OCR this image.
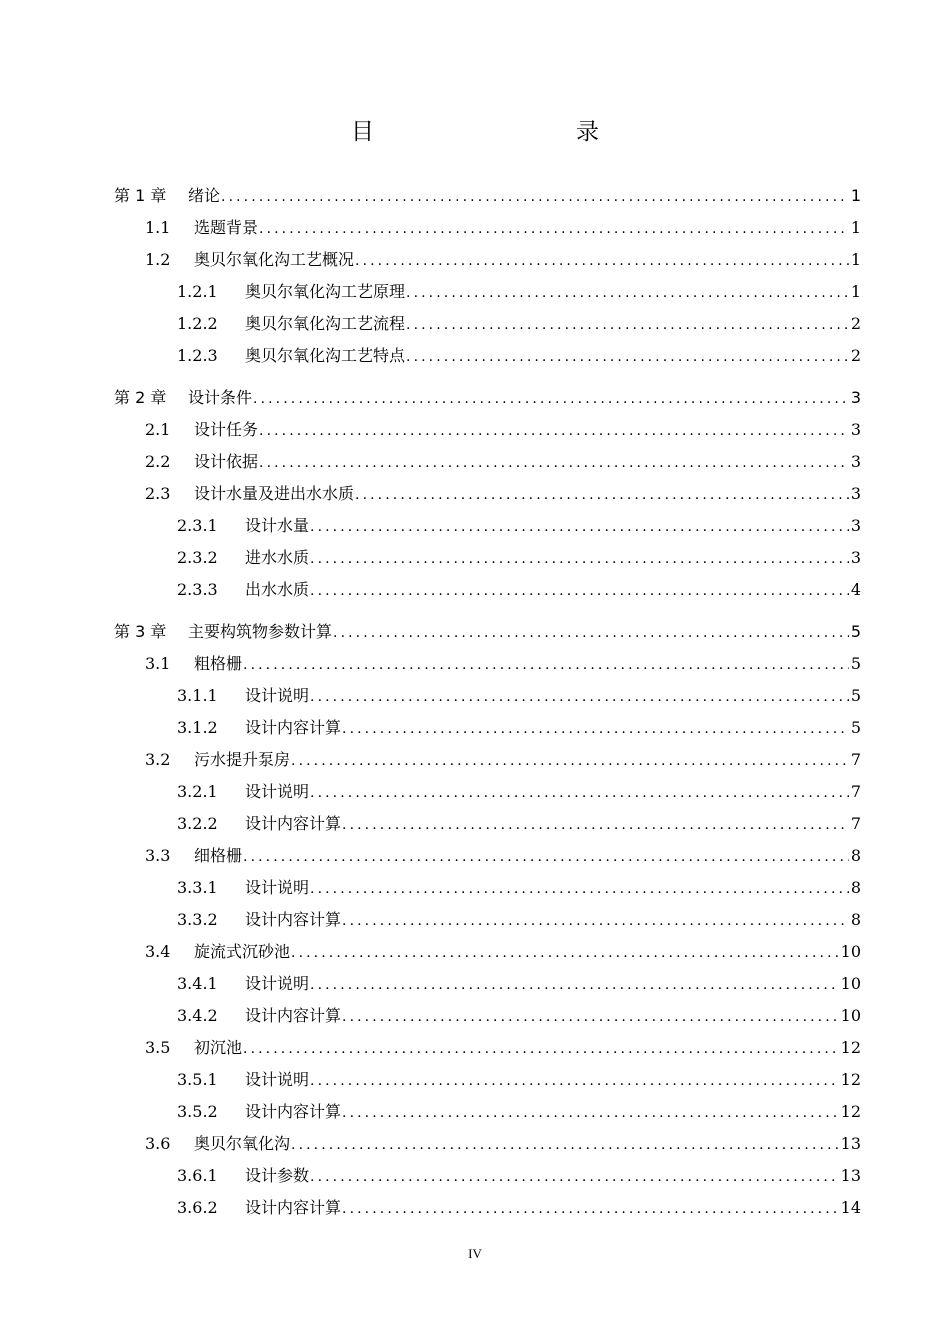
目　　录
第 1 章	绪论 .....	1
1.1	选题背景 .....	1
1.2	奥贝尔氧化沟工艺概况 .....	1
1.2.1	奥贝尔氧化沟工艺原理 .....	1
1.2.2	奥贝尔氧化沟工艺流程 .....	2
1.2.3	奥贝尔氧化沟工艺特点 .....	2
第 2 章	设计条件 .....	3
2.1	设计任务 .....	3
2.2	设计依据 .....	3
2.3	设计水量及进出水水质 .....	3
2.3.1	设计水量 .....	3
2.3.2	进水水质 .....	3
2.3.3	出水水质 .....	4
第 3 章	主要构筑物参数计算 .....	5
3.1	粗格栅 .....	5
3.1.1	设计说明 .....	5
3.1.2	设计内容计算 .....	5
3.2	污水提升泵房 .....	7
3.2.1	设计说明 .....	7
3.2.2	设计内容计算 .....	7
3.3	细格栅 .....	8
3.3.1	设计说明 .....	8
3.3.2	设计内容计算 .....	8
3.4	旋流式沉砂池 .....	10
3.4.1	设计说明 .....	10
3.4.2	设计内容计算 .....	10
3.5	初沉池 .....	12
3.5.1	设计说明 .....	12
3.5.2	设计内容计算 .....	12
3.6	奥贝尔氧化沟 .....	13
3.6.1	设计参数 .....	13
3.6.2	设计内容计算 .....	14
IV
